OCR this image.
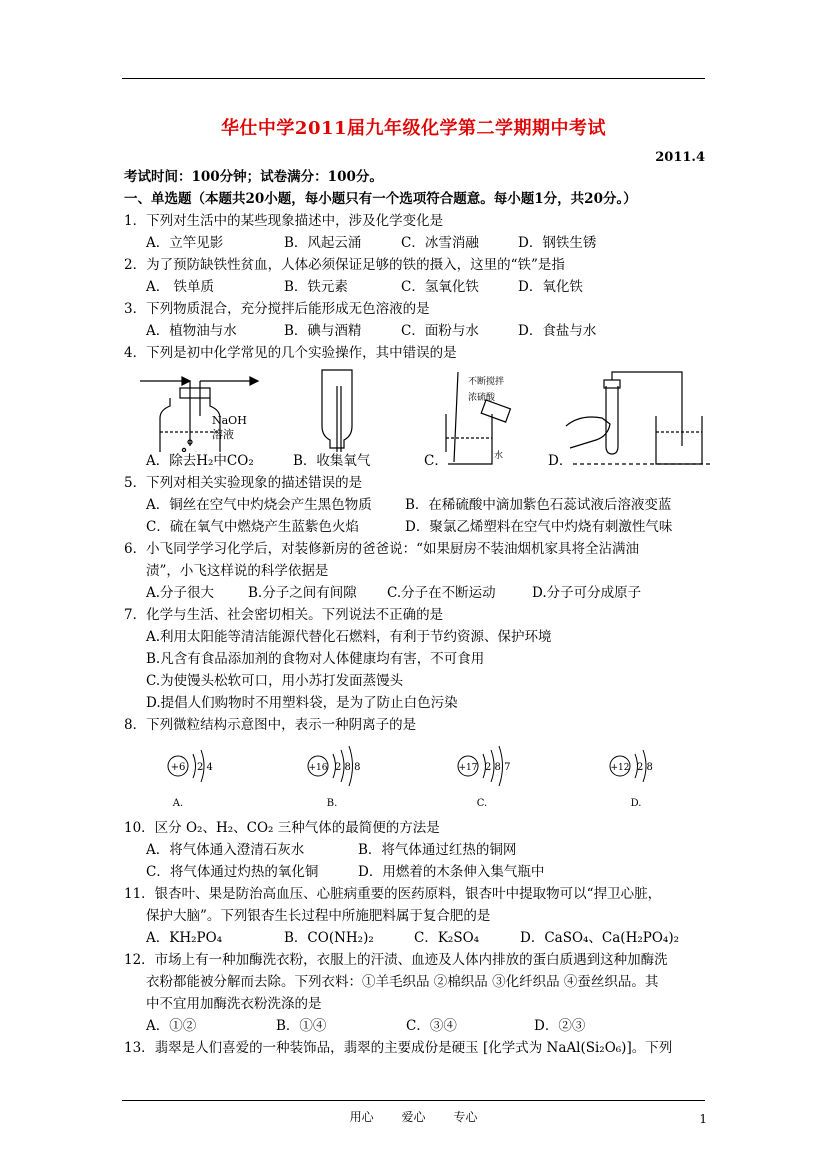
华仕中学2011届九年级化学第二学期期中考试
2011.4
考试时间：100分钟；试卷满分：100分。
一、单选题（本题共20小题，每小题只有一个选项符合题意。每小题1分，共20分。）
1．下列对生活中的某些现象描述中，涉及化学变化是
A．立竿见影	B．风起云涌	C．冰雪消融	D．钢铁生锈
2．为了预防缺铁性贫血，人体必须保证足够的铁的摄入，这里的“铁”是指
A． 铁单质	B．铁元素	C．氢氧化铁	D．氧化铁
3．下列物质混合，充分搅拌后能形成无色溶液的是
A．植物油与水	B．碘与酒精	C．面粉与水	D．食盐与水
4．下列是初中化学常见的几个实验操作，其中错误的是
NaOH
溶液
不断搅拌
浓硫酸
水
A．除去H₂中CO₂	B．收集氧气	C．	D．
5．下列对相关实验现象的描述错误的是
A．铜丝在空气中灼烧会产生黑色物质 B．在稀硫酸中滴加紫色石蕊试液后溶液变蓝
C．硫在氧气中燃烧产生蓝紫色火焰	D．聚氯乙烯塑料在空气中灼烧有刺激性气味
6．小飞同学学习化学后，对装修新房的爸爸说：“如果厨房不装油烟机家具将全沾满油
渍”，小飞这样说的科学依据是
A.分子很大	B.分子之间有间隙 C.分子在不断运动	D.分子可分成原子
7．化学与生活、社会密切相关。下列说法不正确的是
A.利用太阳能等清洁能源代替化石燃料，有利于节约资源、保护环境
B.凡含有食品添加剂的食物对人体健康均有害，不可食用
C.为使馒头松软可口，用小苏打发面蒸馒头
D.提倡人们购物时不用塑料袋，是为了防止白色污染
8．下列微粒结构示意图中，表示一种阴离子的是
+6 2 4
A.
+16 2 8 8
B.
+17 2 8 7
C.
+12 2 8
D.
10．区分 O₂、H₂、CO₂ 三种气体的最简便的方法是
A．将气体通入澄清石灰水	B．将气体通过红热的铜网
C．将气体通过灼热的氧化铜	D．用燃着的木条伸入集气瓶中
11．银杏叶、果是防治高血压、心脏病重要的医药原料，银杏叶中提取物可以“捍卫心脏，
保护大脑”。下列银杏生长过程中所施肥料属于复合肥的是
A．KH₂PO₄	B．CO(NH₂)₂	C．K₂SO₄	D．CaSO₄、Ca(H₂PO₄)₂
12．市场上有一种加酶洗衣粉，衣服上的汗渍、血迹及人体内排放的蛋白质遇到这种加酶洗
衣粉都能被分解而去除。下列衣料：①羊毛织品 ②棉织品 ③化纤织品 ④蚕丝织品。其
中不宜用加酶洗衣粉洗涤的是
A．①②	B．①④	C．③④	D．②③
13．翡翠是人们喜爱的一种装饰品，翡翠的主要成份是硬玉 [化学式为 NaAl(Si₂O₆)]。下列
用心 爱心 专心	1
